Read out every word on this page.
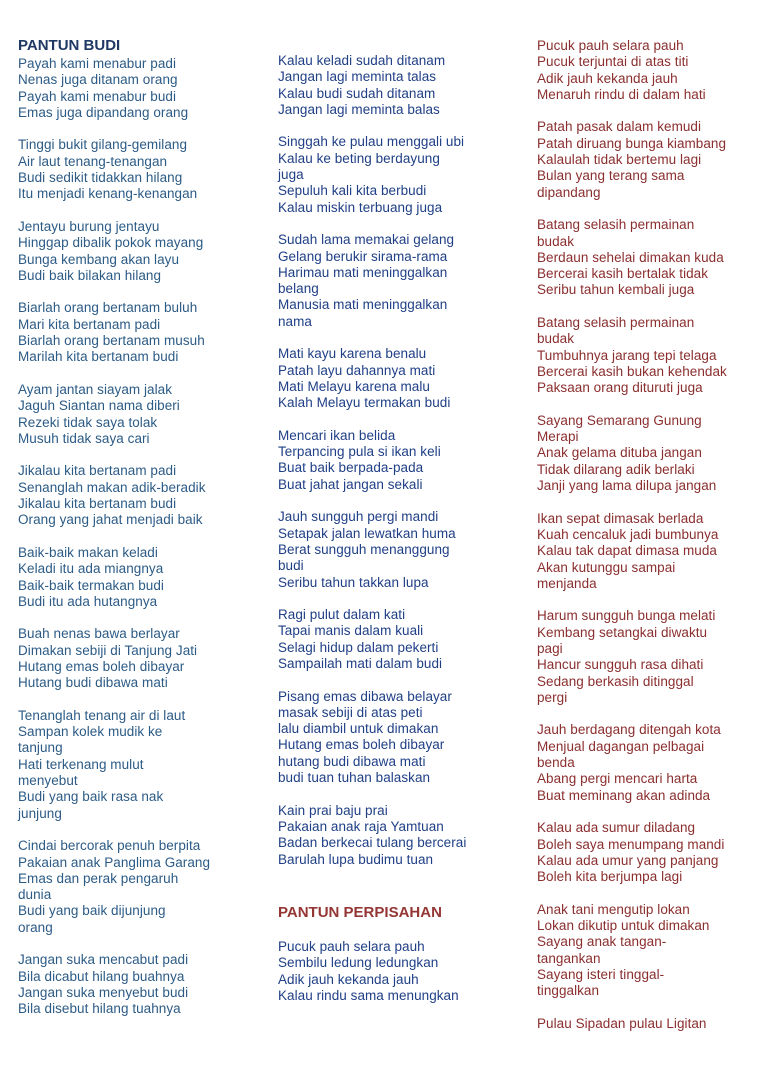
PANTUN BUDI
Payah kami menabur padi
Nenas juga ditanam orang
Payah kami menabur budi
Emas juga dipandang orang
Tinggi bukit gilang-gemilang
Air laut tenang-tenangan
Budi sedikit tidakkan hilang
Itu menjadi kenang-kenangan
Jentayu burung jentayu
Hinggap dibalik pokok mayang
Bunga kembang akan layu
Budi baik bilakan hilang
Biarlah orang bertanam buluh
Mari kita bertanam padi
Biarlah orang bertanam musuh
Marilah kita bertanam budi
Ayam jantan siayam jalak
Jaguh Siantan nama diberi
Rezeki tidak saya tolak
Musuh tidak saya cari
Jikalau kita bertanam padi
Senanglah makan adik-beradik
Jikalau kita bertanam budi
Orang yang jahat menjadi baik
Baik-baik makan keladi
Keladi itu ada miangnya
Baik-baik termakan budi
Budi itu ada hutangnya
Buah nenas bawa berlayar
Dimakan sebiji di Tanjung Jati
Hutang emas boleh dibayar
Hutang budi dibawa mati
Tenanglah tenang air di laut
Sampan kolek mudik ke
tanjung
Hati terkenang mulut
menyebut
Budi yang baik rasa nak
junjung
Cindai bercorak penuh berpita
Pakaian anak Panglima Garang
Emas dan perak pengaruh
dunia
Budi yang baik dijunjung
orang
Jangan suka mencabut padi
Bila dicabut hilang buahnya
Jangan suka menyebut budi
Bila disebut hilang tuahnya
Kalau keladi sudah ditanam
Jangan lagi meminta talas
Kalau budi sudah ditanam
Jangan lagi meminta balas
Singgah ke pulau menggali ubi
Kalau ke beting berdayung
juga
Sepuluh kali kita berbudi
Kalau miskin terbuang juga
Sudah lama memakai gelang
Gelang berukir sirama-rama
Harimau mati meninggalkan
belang
Manusia mati meninggalkan
nama
Mati kayu karena benalu
Patah layu dahannya mati
Mati Melayu karena malu
Kalah Melayu termakan budi
Mencari ikan belida
Terpancing pula si ikan keli
Buat baik berpada-pada
Buat jahat jangan sekali
Jauh sungguh pergi mandi
Setapak jalan lewatkan huma
Berat sungguh menanggung
budi
Seribu tahun takkan lupa
Ragi pulut dalam kati
Tapai manis dalam kuali
Selagi hidup dalam pekerti
Sampailah mati dalam budi
Pisang emas dibawa belayar
masak sebiji di atas peti
lalu diambil untuk dimakan
Hutang emas boleh dibayar
hutang budi dibawa mati
budi tuan tuhan balaskan
Kain prai baju prai
Pakaian anak raja Yamtuan
Badan berkecai tulang bercerai
Barulah lupa budimu tuan
PANTUN PERPISAHAN
Pucuk pauh selara pauh
Sembilu ledung ledungkan
Adik jauh kekanda jauh
Kalau rindu sama menungkan
Pucuk pauh selara pauh
Pucuk terjuntai di atas titi
Adik jauh kekanda jauh
Menaruh rindu di dalam hati
Patah pasak dalam kemudi
Patah diruang bunga kiambang
Kalaulah tidak bertemu lagi
Bulan yang terang sama
dipandang
Batang selasih permainan
budak
Berdaun sehelai dimakan kuda
Bercerai kasih bertalak tidak
Seribu tahun kembali juga
Batang selasih permainan
budak
Tumbuhnya jarang tepi telaga
Bercerai kasih bukan kehendak
Paksaan orang dituruti juga
Sayang Semarang Gunung
Merapi
Anak gelama dituba jangan
Tidak dilarang adik berlaki
Janji yang lama dilupa jangan
Ikan sepat dimasak berlada
Kuah cencaluk jadi bumbunya
Kalau tak dapat dimasa muda
Akan kutunggu sampai
menjanda
Harum sungguh bunga melati
Kembang setangkai diwaktu
pagi
Hancur sungguh rasa dihati
Sedang berkasih ditinggal
pergi
Jauh berdagang ditengah kota
Menjual dagangan pelbagai
benda
Abang pergi mencari harta
Buat meminang akan adinda
Kalau ada sumur diladang
Boleh saya menumpang mandi
Kalau ada umur yang panjang
Boleh kita berjumpa lagi
Anak tani mengutip lokan
Lokan dikutip untuk dimakan
Sayang anak tangan-
tangankan
Sayang isteri tinggal-
tinggalkan
Pulau Sipadan pulau Ligitan
